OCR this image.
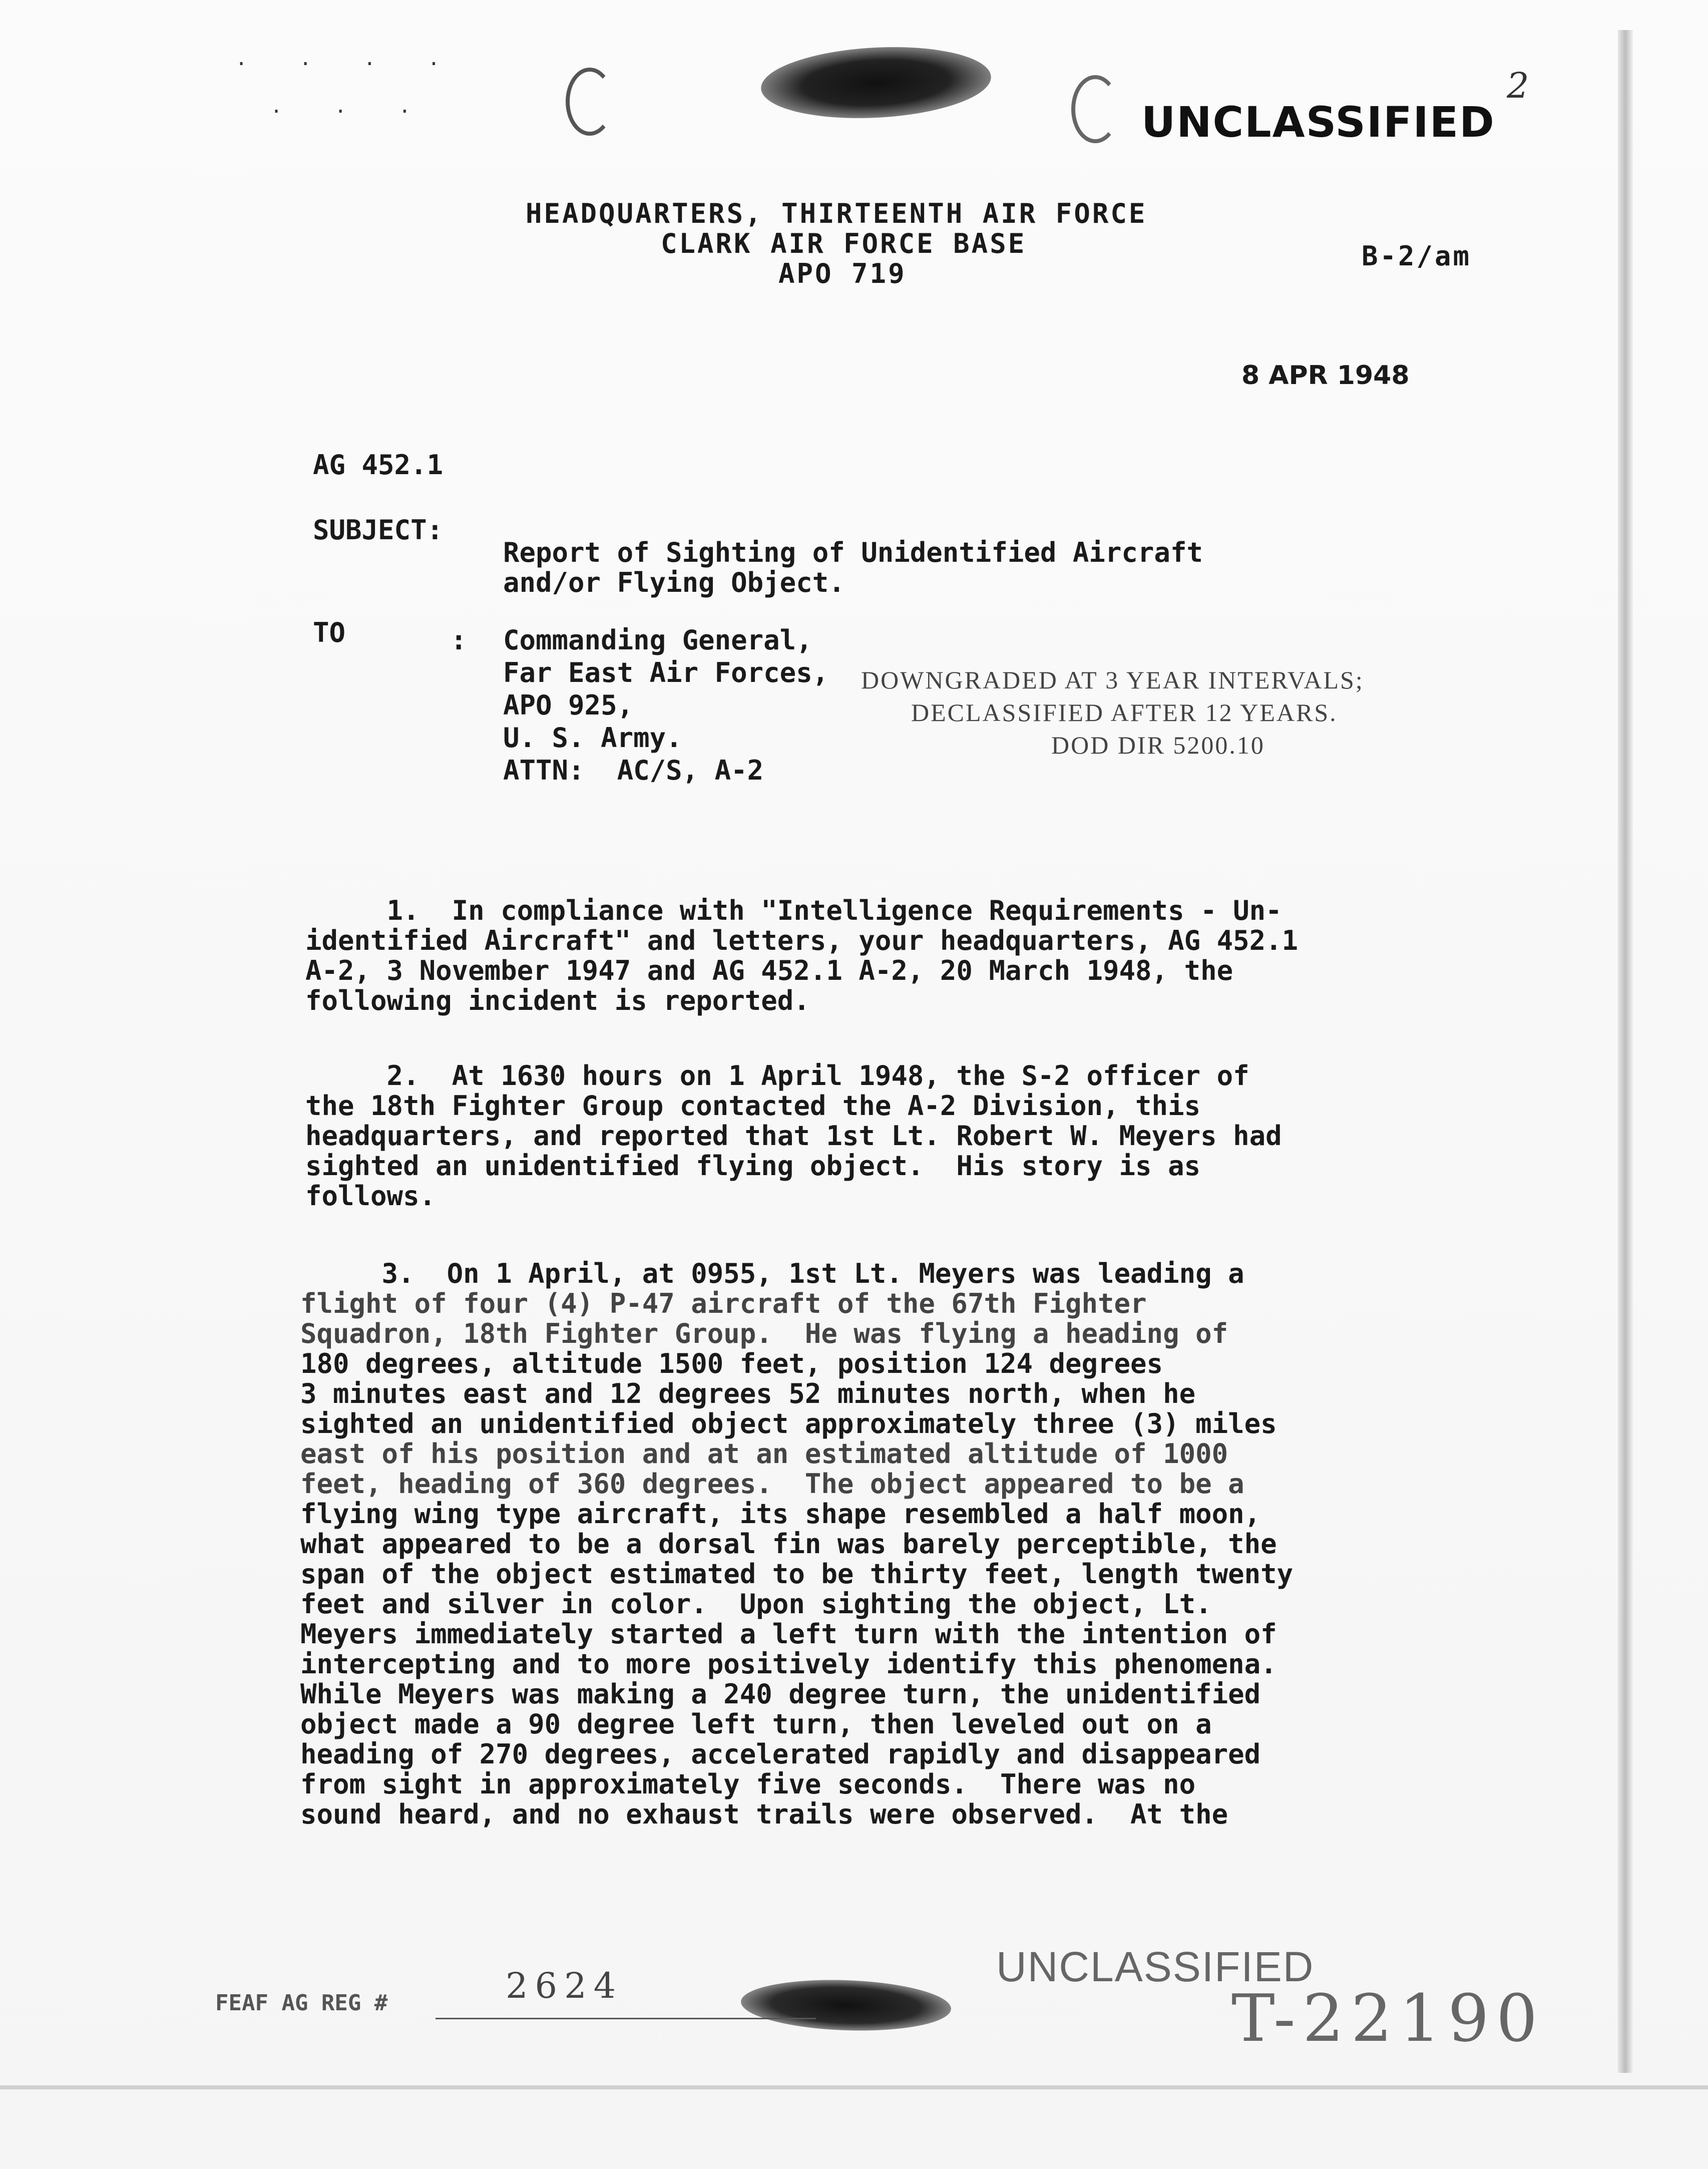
· · · ·
· · ·	UNCLASSIFIED
2
HEADQUARTERS, THIRTEENTH AIR FORCE
CLARK AIR FORCE BASE
APO 719
B-2/am
8 APR 1948
AG 452.1
SUBJECT:
Report of Sighting of Unidentified Aircraft
and/or Flying Object.
TO	: Commanding General,
Far East Air Forces,
APO 925,
U. S. Army.
ATTN:  AC/S, A-2
DOWNGRADED AT 3 YEAR INTERVALS;
DECLASSIFIED AFTER 12 YEARS.
DOD DIR 5200.10
1.  In compliance with "Intelligence Requirements - Un-
identified Aircraft" and letters, your headquarters, AG 452.1
A-2, 3 November 1947 and AG 452.1 A-2, 20 March 1948, the
following incident is reported.
2.  At 1630 hours on 1 April 1948, the S-2 officer of
the 18th Fighter Group contacted the A-2 Division, this
headquarters, and reported that 1st Lt. Robert W. Meyers had
sighted an unidentified flying object.  His story is as
follows.
3.  On 1 April, at 0955, 1st Lt. Meyers was leading a
flight of four (4) P-47 aircraft of the 67th Fighter
Squadron, 18th Fighter Group.  He was flying a heading of
180 degrees, altitude 1500 feet, position 124 degrees
3 minutes east and 12 degrees 52 minutes north, when he
sighted an unidentified object approximately three (3) miles
east of his position and at an estimated altitude of 1000
feet, heading of 360 degrees.  The object appeared to be a
flying wing type aircraft, its shape resembled a half moon,
what appeared to be a dorsal fin was barely perceptible, the
span of the object estimated to be thirty feet, length twenty
feet and silver in color.  Upon sighting the object, Lt.
Meyers immediately started a left turn with the intention of
intercepting and to more positively identify this phenomena.
While Meyers was making a 240 degree turn, the unidentified
object made a 90 degree left turn, then leveled out on a
heading of 270 degrees, accelerated rapidly and disappeared
from sight in approximately five seconds.  There was no
sound heard, and no exhaust trails were observed.  At the
UNCLASSIFIED
FEAF AG REG #	2624	T-22190
